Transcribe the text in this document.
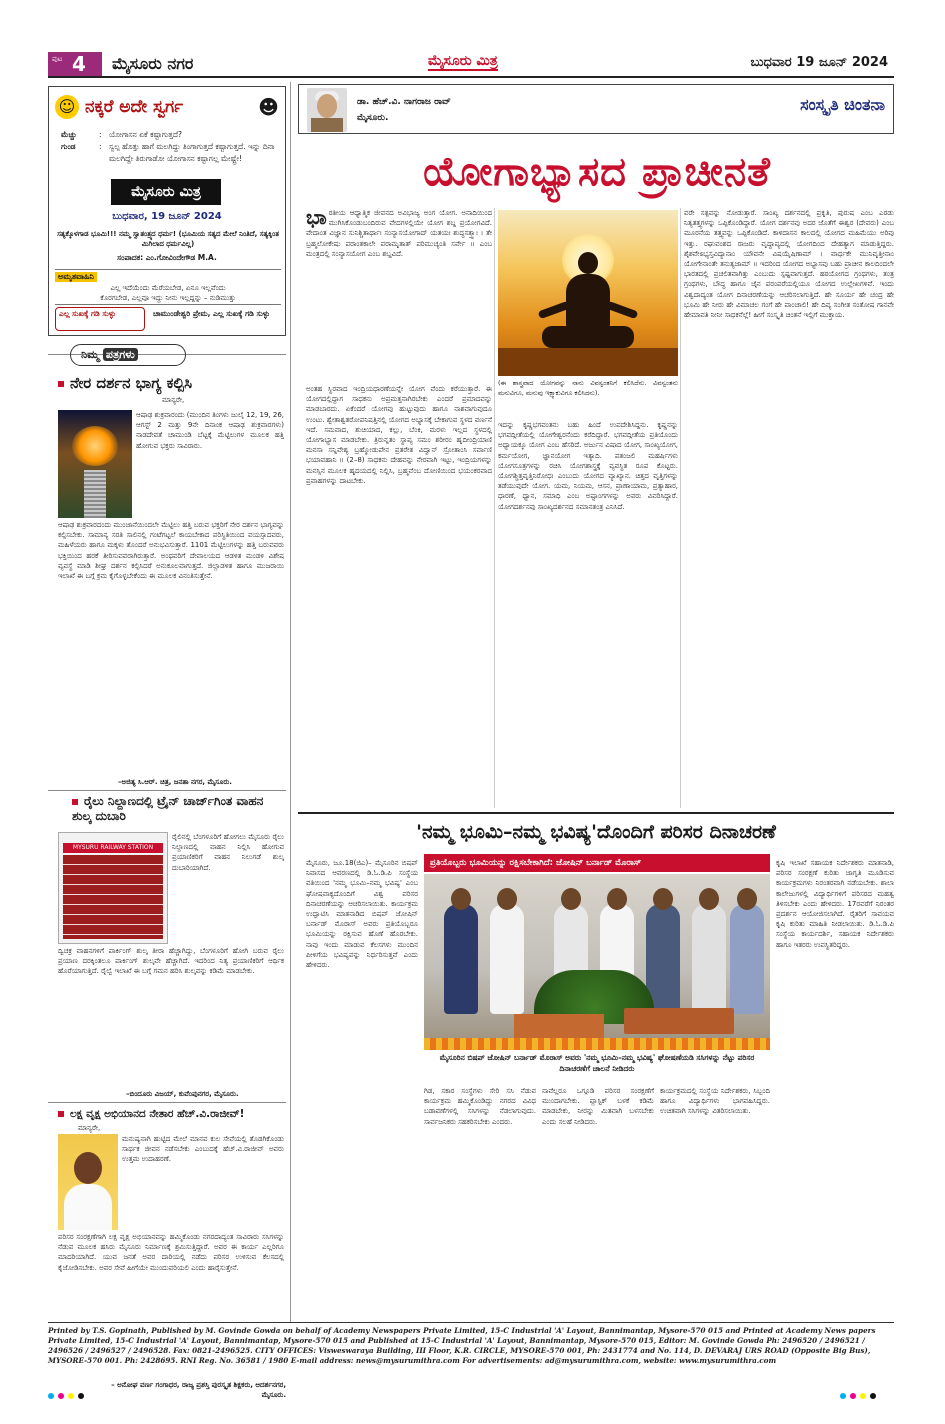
ಪುಟ 4 ಮೈಸೂರು ನಗರ	ಮೈಸೂರು ಮಿತ್ರ	ಬುಧವಾರ 19 ಜೂನ್ 2024
☺ ನಕ್ಕರೆ ಅದೇ ಸ್ವರ್ಗ	☻
ಮೆಚ್ಚು	: ಯೋಗಾಸನ ಏಕೆ ಕಷ್ಟಾಗುತ್ತದೆ?
ಗುಂಡ	: ಸ್ವಲ್ಪ ಹೊತ್ತು ಹಾಗೆ ಮಲಗಿದ್ದು ತಿಂಗಾಗುತ್ತದೆ ಕಷ್ಟಾಗುತ್ತದೆ. ಇನ್ನು ದಿನಾ ಮಲಗಿದ್ದೇ ತಿರುಗಾಡೋ ಯೋಗಾಸನ ಕಷ್ಟಾಗಲ್ಲ ಮೇಷ್ಟ್ರೇ!
ಮೈಸೂರು ಮಿತ್ರ
ಬುಧವಾರ, 19 ಜೂನ್ 2024
ಸತ್ಯಕ್ಕೊಳಗಾಡ ಭೂಮಿ!!! ನಮ್ಮ ಸ್ವಾತಂತ್ರ್ಯದ ಧರ್ಮ! (ಭೂಮಿಯ ಸತ್ಯದ ಮೇಲೆ ನಿಂತಿದೆ, ಸತ್ಯಕ್ಕಿಂತ ಮಿಗಿಲಾದ ಧರ್ಮವಿಲ್ಲ)
ಸಂಪಾದಕ: ಎಂ.ಗೋವಿಂದೇಗೌಡ M.A.
ಅಮೃತವಾಹಿನಿ
ಎಲ್ಲ ಇದೆಯೆಂದು ಮೆರೆಯಬೇಡ, ಏನೂ ಇಲ್ಲವೆಂದು
ಕೊರಗಬೇಡ, ಎಲ್ಲವೂ ಇದ್ದು ನೀನು ಇಲ್ಲದ್ದನ್ನು – ನುಡಿಮುತ್ತು
ಎಲ್ಲ ಸುಖಕ್ಕೆ ಗಡಿ ಸುಳ್ಳು	ಚಾಮುಂಡೇಶ್ವರಿ ಪ್ರೇಮ, ಎಲ್ಲ ಸುಖಕ್ಕೆ ಗಡಿ ಸುಳ್ಳು
ನಿಮ್ಮ ಪತ್ರಗಳು
ನೇರ ದರ್ಶನ ಭಾಗ್ಯ ಕಲ್ಪಿಸಿ
ಮಾನ್ಯರೇ,
ಆಷಾಢ ಶುಕ್ರವಾರಂದು (ಮುಂದಿನ ತಿಂಗಳು ಜುಲೈ 12, 19, 26, ಆಗಸ್ಟ್ 2 ಮತ್ತು 9ನೇ ದಿನಾಂಕ ಆಷಾಢ ಶುಕ್ರವಾರಗಳು) ನಾಡದೇವತೆ ಚಾಮುಂಡಿ ಬೆಟ್ಟಕ್ಕೆ ಮೆಟ್ಟಿಲುಗಳ ಮೂಲಕ ಹತ್ತಿ ಹೋಗುವ ಭಕ್ತರು ಸಾವಿರಾರು.
ಆಷಾಢ ಶುಕ್ರವಾರದಂದು ಮುಂಜಾನೆಯಿಂದಲೇ ಮೆಟ್ಟಿಲು ಹತ್ತಿ ಬರುವ ಭಕ್ತರಿಗೆ ನೇರ ದರ್ಶನ ಭಾಗ್ಯವನ್ನು ಕಲ್ಪಿಸಬೇಕು. ಸಾಮಾನ್ಯ ಸರತಿ ಸಾಲಿನಲ್ಲಿ ಗಂಟೆಗಟ್ಟಲೆ ಕಾಯಬೇಕಾದ ಪರಿಸ್ಥಿತಿಯಿಂದ ವಯಸ್ಸಾದವರು, ಮಹಿಳೆಯರು ಹಾಗೂ ಮಕ್ಕಳು ತೊಂದರೆ ಅನುಭವಿಸುತ್ತಾರೆ. 1101 ಮೆಟ್ಟಿಲುಗಳನ್ನು ಹತ್ತಿ ಬರುವವರು ಭಕ್ತಿಯಿಂದ ಹರಕೆ ತೀರಿಸುವವರಾಗಿರುತ್ತಾರೆ. ಅಂಥವರಿಗೆ ದೇವಾಲಯದ ಆಡಳಿತ ಮಂಡಳಿ ವಿಶೇಷ ವ್ಯವಸ್ಥೆ ಮಾಡಿ ಶೀಘ್ರ ದರ್ಶನ ಕಲ್ಪಿಸಿದರೆ ಅನುಕೂಲವಾಗುತ್ತದೆ. ಜಿಲ್ಲಾಡಳಿತ ಹಾಗೂ ಮುಜರಾಯಿ ಇಲಾಖೆ ಈ ಬಗ್ಗೆ ಕ್ರಮ ಕೈಗೊಳ್ಳಬೇಕೆಂದು ಈ ಮೂಲಕ ವಿನಂತಿಸುತ್ತೇನೆ.
–ಅಜಿತ್ಯ ಸಿ.ಆರ್. ಚಿತ್ರ, ಜನತಾ ನಗರ, ಮೈಸೂರು.
ರೈಲು ನಿಲ್ದಾಣದಲ್ಲಿ ಟ್ರೈನ್ ಚಾರ್ಜ್‌ಗಿಂತ ವಾಹನ ಶುಲ್ಕ ದುಬಾರಿ
MYSURU RAILWAY STATION
ರೈಲಿನಲ್ಲಿ ಬೆಂಗಳೂರಿಗೆ ಹೋಗಲು ಮೈಸೂರು ರೈಲು ನಿಲ್ದಾಣದಲ್ಲಿ ವಾಹನ ನಿಲ್ಲಿಸಿ ಹೋಗುವ ಪ್ರಯಾಣಿಕರಿಗೆ ವಾಹನ ನಿಲುಗಡೆ ಶುಲ್ಕ ದುಬಾರಿಯಾಗಿದೆ.
ದ್ವಿಚಕ್ರ ವಾಹನಗಳಿಗೆ ಪಾರ್ಕಿಂಗ್ ಶುಲ್ಕ ತೀರಾ ಹೆಚ್ಚಾಗಿದ್ದು, ಬೆಂಗಳೂರಿಗೆ ಹೋಗಿ ಬರುವ ರೈಲು ಪ್ರಯಾಣ ದರಕ್ಕಿಂತಲೂ ಪಾರ್ಕಿಂಗ್ ಶುಲ್ಕವೇ ಹೆಚ್ಚಾಗಿದೆ. ಇದರಿಂದ ನಿತ್ಯ ಪ್ರಯಾಣಿಕರಿಗೆ ಆರ್ಥಿಕ ಹೊರೆಯಾಗುತ್ತಿದೆ. ರೈಲ್ವೆ ಇಲಾಖೆ ಈ ಬಗ್ಗೆ ಗಮನ ಹರಿಸಿ ಶುಲ್ಕವನ್ನು ಕಡಿಮೆ ಮಾಡಬೇಕು.
–ಬಿಂದೂರು ವಿಜಯ್, ಕುವೆಂಪುನಗರ, ಮೈಸೂರು.
ಲಕ್ಷ ವೃಕ್ಷ ಅಭಿಯಾನದ ನೇತಾರ ಹೆಚ್.ವಿ.ರಾಜೀವ್!
ಮಾನ್ಯರೇ,
ಮನುಷ್ಯನಾಗಿ ಹುಟ್ಟಿದ ಮೇಲೆ ಮಾನವ ಕುಲ ಸೇವೆಯಲ್ಲಿ ತೊಡಗಿಕೊಂಡು ಸಾರ್ಥಕ ಜೀವನ ನಡೆಸಬೇಕು ಎಂಬುದಕ್ಕೆ ಹೆಚ್.ವಿ.ರಾಜೀವ್ ಅವರು ಉತ್ತಮ ಉದಾಹರಣೆ.
ಪರಿಸರ ಸಂರಕ್ಷಣೆಗಾಗಿ ಲಕ್ಷ ವೃಕ್ಷ ಅಭಿಯಾನವನ್ನು ಹಮ್ಮಿಕೊಂಡು ನಗರದಾದ್ಯಂತ ಸಾವಿರಾರು ಸಸಿಗಳನ್ನು ನೆಡುವ ಮೂಲಕ ಹಸಿರು ಮೈಸೂರು ನಿರ್ಮಾಣಕ್ಕೆ ಶ್ರಮಿಸುತ್ತಿದ್ದಾರೆ. ಅವರ ಈ ಕಾರ್ಯ ಎಲ್ಲರಿಗೂ ಮಾದರಿಯಾಗಿದೆ. ಯುವ ಜನತೆ ಅವರ ದಾರಿಯಲ್ಲಿ ನಡೆದು ಪರಿಸರ ಉಳಿಸುವ ಕೆಲಸದಲ್ಲಿ ಕೈಜೋಡಿಸಬೇಕು. ಅವರ ಸೇವೆ ಹೀಗೆಯೇ ಮುಂದುವರಿಯಲಿ ಎಂದು ಹಾರೈಸುತ್ತೇನೆ.
– ಅನೋಘ ವರ್ಣ ಗಂಗಾಧರ, ರಾಜ್ಯ ಪ್ರಶಸ್ತಿ ಪುರಸ್ಕೃತ ಶಿಕ್ಷಕರು, ಆದರ್ಶನಗರ, ಮೈಸೂರು.
ಡಾ. ಹೆಚ್.ವಿ. ನಾಗರಾಜ ರಾವ್
ಮೈಸೂರು.
ಸಂಸ್ಕೃತಿ ಚಿಂತನಾ
ಯೋಗಾಭ್ಯಾಸದ ಪ್ರಾಚೀನತೆ
ಭಾರತೀಯ ಆಧ್ಯಾತ್ಮಿಕ ಜೀವನದ ಅವಿಭಾಜ್ಯ ಅಂಗ ಯೋಗ. ಅನಾದಿಯಿಂದ ಮುಗಿಸಿಕೊಂಡುಬಂದಿರುವ ವೇದಗಳಲ್ಲಿಯೇ ಯೋಗ ಶಬ್ದ ಪ್ರಯೋಗವಿದೆ. ವೇದಾಂತ ವಿಜ್ಞಾನ ಸುನಿಶ್ಚಿತಾರ್ಥಾಃ ಸಂನ್ಯಾಸಯೋಗಾದ್ ಯತಯಃ ಶುದ್ಧಸತ್ತ್ವಾಃ । ತೇ ಬ್ರಹ್ಮಲೋಕೇಷು ಪರಾಂತಕಾಲೇ ಪರಾಮೃತಾತ್ ಪರಿಮುಚ್ಯಂತಿ ಸರ್ವೇ ॥ ಎಂಬ ಮಂತ್ರದಲ್ಲಿ ಸಂನ್ಯಾಸಯೋಗ ಎಂಬ ಶಬ್ದವಿದೆ.
(ಈ ಶಾಸ್ತ್ರವಾದ ಯೋಗವನ್ನು ನಾನು ವಿವಸ್ವಂತನಿಗೆ ಕಲಿಸಿದೆನು. ವಿವಸ್ವಂತನು ಮನುವಿಗೂ, ಮನುವು ಇಕ್ಷ್ವಾಕುವಿಗೂ ಕಲಿಸಿದನು).
ಅಂತಹ ಸ್ಥಿರವಾದ ಇಂದ್ರಿಯಧಾರಣೆಯನ್ನೇ ಯೋಗ ವೆಂದು ಕರೆಯುತ್ತಾರೆ. ಈ ಯೋಗದಲ್ಲಿದ್ದಾಗ ಸಾಧಕನು ಅಪ್ರಮತ್ತನಾಗಿರಬೇಕು ಎಂದರೆ ಪ್ರಮಾದವನ್ನು ಮಾಡಬಾರದು. ಏಕೆಂದರೆ ಯೋಗವು ಹುಟ್ಟುವುದು ಹಾಗೂ ನಾಶವಾಗುವುದೂ ಉಂಟು. ಶ್ವೇತಾಶ್ವತರೋಪನಿಷತ್ತಿನಲ್ಲಿ ಯೋಗದ ಅಭ್ಯಾಸಕ್ಕೆ ಬೇಕಾಗುವ ಸ್ಥಳದ ವರ್ಣನೆ ಇದೆ. ಸಮವಾದ, ಶುಚಿಯಾದ, ಕಲ್ಲು, ಬೆಂಕಿ, ಮರಳು ಇಲ್ಲದ ಸ್ಥಳದಲ್ಲಿ ಯೋಗಾಭ್ಯಾಸ ಮಾಡಬೇಕು. ತ್ರಿರುನ್ನತಂ ಸ್ಥಾಪ್ಯ ಸಮಂ ಶರೀರಂ ಹೃದೀಂದ್ರಿಯಾಣಿ ಮನಸಾ ಸನ್ನಿವೇಶ್ಯ ಬ್ರಹ್ಮೋಡುಪೇನ ಪ್ರತರೇತ ವಿದ್ವಾನ್ ಸ್ರೋತಾಂಸಿ ಸರ್ವಾಣಿ ಭಯಾವಹಾನಿ ॥ (2–8) ಸಾಧಕನು ದೇಹವನ್ನು ನೇರವಾಗಿ ಇಟ್ಟು, ಇಂದ್ರಿಯಗಳನ್ನು ಮನಸ್ಸಿನ ಮೂಲಕ ಹೃದಯದಲ್ಲಿ ನಿಲ್ಲಿಸಿ, ಬ್ರಹ್ಮವೆಂಬ ದೋಣಿಯಿಂದ ಭಯಂಕರವಾದ ಪ್ರವಾಹಗಳನ್ನು ದಾಟಬೇಕು.
ಇದನ್ನು ಕೃಷ್ಣಭಗವಂತನು ಬಹು ಹಿಂದೆ ಉಪದೇಶಿಸಿದ್ದನು. ಕೃಷ್ಣನನ್ನು ಭಗವದ್ಗೀತೆಯಲ್ಲಿ ಯೋಗೇಶ್ವರನೆಂದು ಕರೆದಿದ್ದಾರೆ. ಭಗವದ್ಗೀತೆಯ ಪ್ರತಿಯೊಂದು ಅಧ್ಯಾಯಕ್ಕೂ ಯೋಗ ಎಂಬ ಹೆಸರಿದೆ. ಅರ್ಜುನ ವಿಷಾದ ಯೋಗ, ಸಾಂಖ್ಯಯೋಗ, ಕರ್ಮಯೋಗ, ಜ್ಞಾನಯೋಗ ಇತ್ಯಾದಿ. ಪತಂಜಲಿ ಮಹರ್ಷಿಗಳು ಯೋಗಸೂತ್ರಗಳನ್ನು ರಚಿಸಿ ಯೋಗಶಾಸ್ತ್ರಕ್ಕೆ ವ್ಯವಸ್ಥಿತ ರೂಪ ಕೊಟ್ಟರು. ಯೋಗಶ್ಚಿತ್ತವೃತ್ತಿನಿರೋಧಃ ಎಂಬುದು ಯೋಗದ ವ್ಯಾಖ್ಯಾನ. ಚಿತ್ತದ ವೃತ್ತಿಗಳನ್ನು ತಡೆಯುವುದೇ ಯೋಗ. ಯಮ, ನಿಯಮ, ಆಸನ, ಪ್ರಾಣಾಯಾಮ, ಪ್ರತ್ಯಾಹಾರ, ಧಾರಣೆ, ಧ್ಯಾನ, ಸಮಾಧಿ ಎಂಬ ಅಷ್ಟಾಂಗಗಳನ್ನು ಅವರು ವಿವರಿಸಿದ್ದಾರೆ. ಯೋಗದರ್ಶನವು ಸಾಂಖ್ಯದರ್ಶನದ ಸಮಾನತಂತ್ರ ಎನಿಸಿದೆ.
ವರೇ ಸತ್ಪವನ್ನು ನೋಡುತ್ತಾರೆ. ಸಾಂಖ್ಯ ದರ್ಶನದಲ್ಲಿ ಪ್ರಕೃತಿ, ಪುರುಷ ಎಂಬ ಎರಡು ನಿತ್ಯತತ್ತ್ವಗಳನ್ನು ಒಪ್ಪಿಕೊಂಡಿದ್ದಾರೆ. ಯೋಗ ದರ್ಶನವು ಅದರ ಜೊತೆಗೆ ಈಶ್ವರ (ದೇವರು) ಎಂಬ ಮೂರನೆಯ ತತ್ತ್ವವನ್ನು ಒಪ್ಪಿಕೊಂಡಿದೆ. ಕಾಳಿದಾಸನ ಕಾಲದಲ್ಲಿ ಯೋಗದ ಮಹಿಮೆಯು ಅರಿವು ಇತ್ತು. ರಘುವಂಶದ ರಾಜರು ವೃದ್ಧಾಪ್ಯದಲ್ಲಿ ಯೋಗದಿಂದ ದೇಹತ್ಯಾಗ ಮಾಡುತ್ತಿದ್ದರು. ಶೈಶವೇಽಭ್ಯಸ್ತವಿದ್ಯಾನಾಂ ಯೌವನೇ ವಿಷಯೈಷಿಣಾಮ್ । ವಾರ್ಧಕೇ ಮುನಿವೃತ್ತೀನಾಂ ಯೋಗೇನಾಂತೇ ತನುತ್ಯಜಾಮ್ ॥ ಇದರಿಂದ ಯೋಗದ ಅಭ್ಯಾಸವು ಬಹು ಪ್ರಾಚೀನ ಕಾಲದಿಂದಲೇ ಭಾರತದಲ್ಲಿ ಪ್ರಚಲಿತವಾಗಿತ್ತು ಎಂಬುದು ಸ್ಪಷ್ಟವಾಗುತ್ತದೆ. ಹಠಯೋಗದ ಗ್ರಂಥಗಳು, ತಂತ್ರ ಗ್ರಂಥಗಳು, ಬೌದ್ಧ ಹಾಗೂ ಜೈನ ಪರಂಪರೆಯಲ್ಲಿಯೂ ಯೋಗದ ಉಲ್ಲೇಖಗಳಿವೆ. ಇಂದು ವಿಶ್ವದಾದ್ಯಂತ ಯೋಗ ದಿನಾಚರಣೆಯನ್ನು ಆಚರಿಸಲಾಗುತ್ತಿದೆ. ಹೇ ಸೂರ್ಯ ಹೇ ಚಂದ್ರ ಹೇ ಭೂಮಿ ಹೇ ನೀರು ಹೇ ವಿಮಾಚಲ ಗಂಗೆ ಹೇ ಪಾಂಚಾಲಿ! ಹೇ ದಿವ್ಯ ಸಂಗೀತ ಸಂತೋಷ ಗಾನವೇ ಹೇಮಾವತಿ ನೀನೀ ಸಾಧಕನೆಲ್ಲೆ! ಹೀಗೆ ಸಂಸ್ಕೃತಿ ಚಿಂತನೆ ಇಲ್ಲಿಗೆ ಮುಕ್ತಾಯ.
'ನಮ್ಮ ಭೂಮಿ–ನಮ್ಮ ಭವಿಷ್ಯ'ದೊಂದಿಗೆ ಪರಿಸರ ದಿನಾಚರಣೆ
ಮೈಸೂರು, ಜೂ.18(ಜಿಎ)– ಮೈಸೂರಿನ ಬಿಷಪ್ ನಿವಾಸದ ಆವರಣದಲ್ಲಿ ಡಿ.ಓ.ಡಿ.ಪಿ ಸಂಸ್ಥೆಯ ವತಿಯಿಂದ 'ನಮ್ಮ ಭೂಮಿ–ನಮ್ಮ ಭವಿಷ್ಯ' ಎಂಬ ಘೋಷವಾಕ್ಯದೊಂದಿಗೆ ವಿಶ್ವ ಪರಿಸರ ದಿನಾಚರಣೆಯನ್ನು ಆಚರಿಸಲಾಯಿತು. ಕಾರ್ಯಕ್ರಮ ಉದ್ಘಾಟಿಸಿ ಮಾತನಾಡಿದ ಬಿಷಪ್ ಜೋಷಿನ್ ಬರ್ನಾಡ್ ಮೊರಾಸ್ ಅವರು ಪ್ರತಿಯೊಬ್ಬರೂ ಭೂಮಿಯನ್ನು ರಕ್ಷಿಸುವ ಹೊಣೆ ಹೊರಬೇಕು. ನಾವು ಇಂದು ಮಾಡುವ ಕೆಲಸಗಳು ಮುಂದಿನ ಪೀಳಿಗೆಯ ಭವಿಷ್ಯವನ್ನು ನಿರ್ಧರಿಸುತ್ತವೆ ಎಂದು ಹೇಳಿದರು.
ಪ್ರತಿಯೊಬ್ಬರು ಭೂಮಿಯನ್ನು ರಕ್ಷಿಸಬೇಕಾಗಿದೆ: ಜೋಷಿನ್ ಬರ್ನಾಡ್ ಮೊರಾಸ್
ಮೈಸೂರಿನ ಬಿಷಪ್ ಜೋಷಿನ್ ಬರ್ನಾಡ್ ಮೊರಾಸ್ ಅವರು 'ನಮ್ಮ ಭೂಮಿ–ನಮ್ಮ ಭವಿಷ್ಯ' ಘೋಷಣೆಯಡಿ ಸಸಿಗಳನ್ನು ನೆಟ್ಟು ಪರಿಸರ ದಿನಾಚರಣೆಗೆ ಚಾಲನೆ ನೀಡಿದರು
ಗಿಡ, ಸಕಾರ ಸಂಸ್ಥೆಗಳು ಸೇರಿ ಸಸಿ ನೆಡುವ ಕಾರ್ಯಕ್ರಮ ಹಮ್ಮಿಕೊಂಡಿದ್ದು ನಗರದ ವಿವಿಧ ಬಡಾವಣೆಗಳಲ್ಲಿ ಸಸಿಗಳನ್ನು ನೆಡಲಾಗುವುದು. ಸಾರ್ವಜನಿಕರು ಸಹಕರಿಸಬೇಕು ಎಂದರು.
ನಾವೆಲ್ಲರೂ ಒಗ್ಗೂಡಿ ಪರಿಸರ ಸಂರಕ್ಷಣೆಗೆ ಮುಂದಾಗಬೇಕು. ಪ್ಲಾಸ್ಟಿಕ್ ಬಳಕೆ ಕಡಿಮೆ ಮಾಡಬೇಕು, ನೀರನ್ನು ಮಿತವಾಗಿ ಬಳಸಬೇಕು ಎಂದು ಸಲಹೆ ನೀಡಿದರು.
ಕಾರ್ಯಕ್ರಮದಲ್ಲಿ ಸಂಸ್ಥೆಯ ನಿರ್ದೇಶಕರು, ಸಿಬ್ಬಂದಿ ಹಾಗೂ ವಿದ್ಯಾರ್ಥಿಗಳು ಭಾಗವಹಿಸಿದ್ದರು. ಉಚಿತವಾಗಿ ಸಸಿಗಳನ್ನು ವಿತರಿಸಲಾಯಿತು.
ಕೃಷಿ ಇಲಾಖೆ ಸಹಾಯಕ ನಿರ್ದೇಶಕರು ಮಾತನಾಡಿ, ಪರಿಸರ ಸಂರಕ್ಷಣೆ ಕುರಿತು ಜಾಗೃತಿ ಮೂಡಿಸುವ ಕಾರ್ಯಕ್ರಮಗಳು ನಿರಂತರವಾಗಿ ನಡೆಯಬೇಕು. ಶಾಲಾ ಕಾಲೇಜುಗಳಲ್ಲಿ ವಿದ್ಯಾರ್ಥಿಗಳಿಗೆ ಪರಿಸರದ ಮಹತ್ವ ತಿಳಿಸಬೇಕು ಎಂದು ಹೇಳಿದರು. 17ರವರೆಗೆ ನಿರಂತರ ಪ್ರದರ್ಶನ ಆಯೋಜಿಸಲಾಗಿದೆ. ರೈತರಿಗೆ ಸಾವಯವ ಕೃಷಿ ಕುರಿತು ಮಾಹಿತಿ ನೀಡಲಾಯಿತು. ಡಿ.ಓ.ಡಿ.ಪಿ ಸಂಸ್ಥೆಯ ಕಾರ್ಯದರ್ಶಿ, ಸಹಾಯಕ ನಿರ್ದೇಶಕರು ಹಾಗೂ ಇತರರು ಉಪಸ್ಥಿತರಿದ್ದರು.
Printed by T.S. Gopinath, Published by M. Govinde Gowda on behalf of Academy Newspapers Private Limited, 15-C Industrial 'A' Layout, Bannimantap, Mysore-570 015 and Printed at Academy News papers Private Limited, 15-C Industrial 'A' Layout, Bannimantap, Mysore-570 015 and Published at 15-C Industrial 'A' Layout, Bannimantap, Mysore-570 015, Editor: M. Govinde Gowda Ph: 2496520 / 2496521 / 2496526 / 2496527 / 2496528. Fax: 0821-2496525. CITY OFFICES: Visweswaraya Building, III Floor, K.R. CIRCLE, MYSORE-570 001, Ph: 2431774 and No. 114, D. DEVARAJ URS ROAD (Opposite Big Bus), MYSORE-570 001. Ph: 2428695. RNI Reg. No. 36581 / 1980 E-mail address: news@mysurumithra.com For advertisements: ad@mysurumithra.com, website: www.mysurumithra.com
